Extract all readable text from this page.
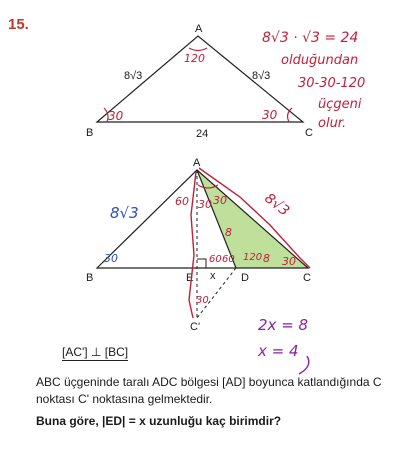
15.	A
B	C
8√3	8√3
24
120
30	30
8√3 · √3 = 24
olduğundan
30-30-120
üçgeni
olur.
A
B	C
E	D
C'
x
60 30 30
8
120 8 30
60 60
30
30
8√3	8√3
2x = 8
x = 4
[AC'] ⊥ [BC]
ABC üçgeninde taralı ADC bölgesi [AD] boyunca katlandığında C noktası C' noktasına gelmektedir.
Buna göre, |ED| = x uzunluğu kaç birimdir?
